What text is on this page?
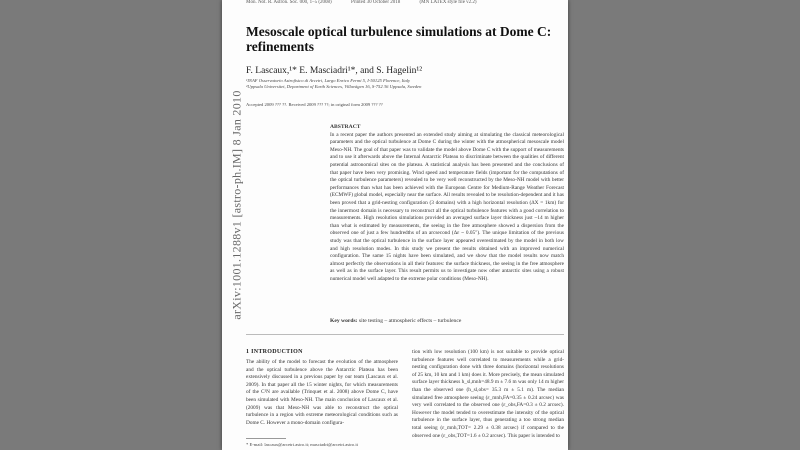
Mon. Not. R. Astron. Soc. 000, 1–5 (2008)	Printed 30 October 2018	(MN LATEX style file v2.2)
arXiv:1001.1288v1 [astro-ph.IM] 8 Jan 2010
Mesoscale optical turbulence simulations at Dome C: refinements
F. Lascaux,¹* E. Masciadri¹*, and S. Hagelin¹²
¹INAF Osservatorio Astrofisico di Arcetri, Largo Enrico Fermi 5, I-50125 Florence, Italy
²Uppsala Universitet, Department of Earth Sciences, Villavägen 16, S-752 36 Uppsala, Sweden
Accepted 2009 ??? ??. Received 2009 ??? ??; in original form 2009 ??? ??
ABSTRACT
In a recent paper the authors presented an extended study aiming at simulating the classical meteorological parameters and the optical turbulence at Dome C during the winter with the atmospherical mesoscale model Meso-NH. The goal of that paper was to validate the model above Dome C with the support of measurements and to use it afterwards above the Internal Antarctic Plateau to discriminate between the qualities of different potential astronomical sites on the plateau. A statistical analysis has been presented and the conclusions of that paper have been very promising. Wind speed and temperature fields (important for the computations of the optical turbulence parameters) revealed to be very well reconstructed by the Meso-NH model with better performances than what has been achieved with the European Centre for Medium-Range Weather Forecast (ECMWF) global model, especially near the surface. All results revealed to be resolution-dependent and it has been proved that a grid-nesting configuration (3 domains) with a high horizontal resolution (ΔX = 1km) for the innermost domain is necessary to reconstruct all the optical turbulence features with a good correlation to measurements. High resolution simulations provided an averaged surface layer thickness just ~14 m higher than what is estimated by measurements, the seeing in the free atmosphere showed a dispersion from the observed one of just a few hundredths of an arcsecond (Δε ~ 0.05″). The unique limitation of the previous study was that the optical turbulence in the surface layer appeared overestimated by the model in both low and high resolution modes. In this study we present the results obtained with an improved numerical configuration. The same 15 nights have been simulated, and we show that the model results now match almost perfectly the observations in all their features: the surface thickness, the seeing in the free atmosphere as well as in the surface layer. This result permits us to investigate now other antarctic sites using a robust numerical model well adapted to the extreme polar conditions (Meso-NH).
Key words: site testing – atmospheric effects – turbulence
1 INTRODUCTION
The ability of the model to forecast the evolution of the atmosphere and the optical turbulence above the Antarctic Plateau has been extensively discussed in a previous paper by our team (Lascaux et al. 2009). In that paper all the 15 winter nights, for which measurements of the C²N are available (Trinquet et al. 2008) above Dome C, have been simulated with Meso-NH. The main conclusion of Lascaux et al. (2009) was that Meso-NH was able to reconstruct the optical turbulence in a region with extreme meteorological conditions such as Dome C. However a mono-domain configura-
tion with low resolution (100 km) is not suitable to provide optical turbulence features well correlated to measurements while a grid-nesting configuration done with three domains (horizontal resolutions of 25 km, 10 km and 1 km) does it. More precisely, the mean simulated surface layer thickness h_sl,mnh=48.9 m ± 7.6 m was only 14 m higher than the observed one (h_sl,obs= 35.3 m ± 5.1 m). The median simulated free atmosphere seeing (ε_mnh,FA=0.35 ± 0.24 arcsec) was very well correlated to the observed one (ε_obs,FA=0.3 ± 0.2 arcsec). However the model tended to overestimate the intensity of the optical turbulence in the surface layer, thus generating a too strong median total seeing (ε_mnh,TOT= 2.29 ± 0.38 arcsec) if compared to the observed one (ε_obs,TOT=1.6 ± 0.2 arcsec). This paper is intended to
* E-mail: lascaux@arcetri.astro.it; masciadri@arcetri.astro.it
